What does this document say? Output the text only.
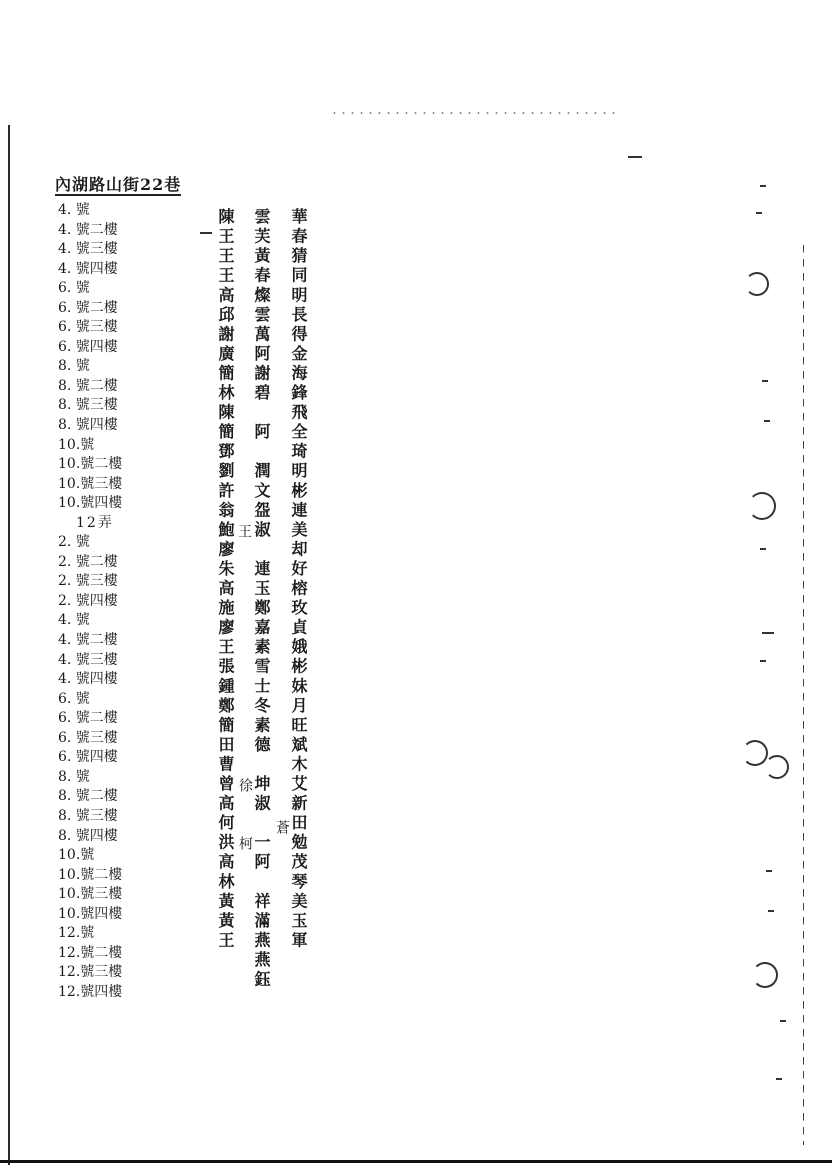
內湖路山街22巷
4. 號
4. 號二樓
4. 號三樓
4. 號四樓
6. 號
6. 號二樓
6. 號三樓
6. 號四樓
8. 號
8. 號二樓
8. 號三樓
8. 號四樓
10.號
10.號二樓
10.號三樓
10.號四樓
12弄
2. 號
2. 號二樓
2. 號三樓
2. 號四樓
4. 號
4. 號二樓
4. 號三樓
4. 號四樓
6. 號
6. 號二樓
6. 號三樓
6. 號四樓
8. 號
8. 號二樓
8. 號三樓
8. 號四樓
10.號
10.號二樓
10.號三樓
10.號四樓
12.號
12.號二樓
12.號三樓
12.號四樓
華春猜同明長得金海鋒飛全琦明彬連美却好榕玫貞娥彬妹月旺斌木艾新田勉茂琴美玉軍
雲芙黃春燦雲萬阿謝碧　阿　潤文盌淑　連玉鄭嘉素雪士冬素德　坤淑　一阿　祥滿燕燕鈺
陳王王王高邱謝廣簡林陳簡鄧劉許翁鮑廖朱高施廖王張鍾鄭簡田曹曾高何洪高林黃黃王 王
徐
柯
蒼
